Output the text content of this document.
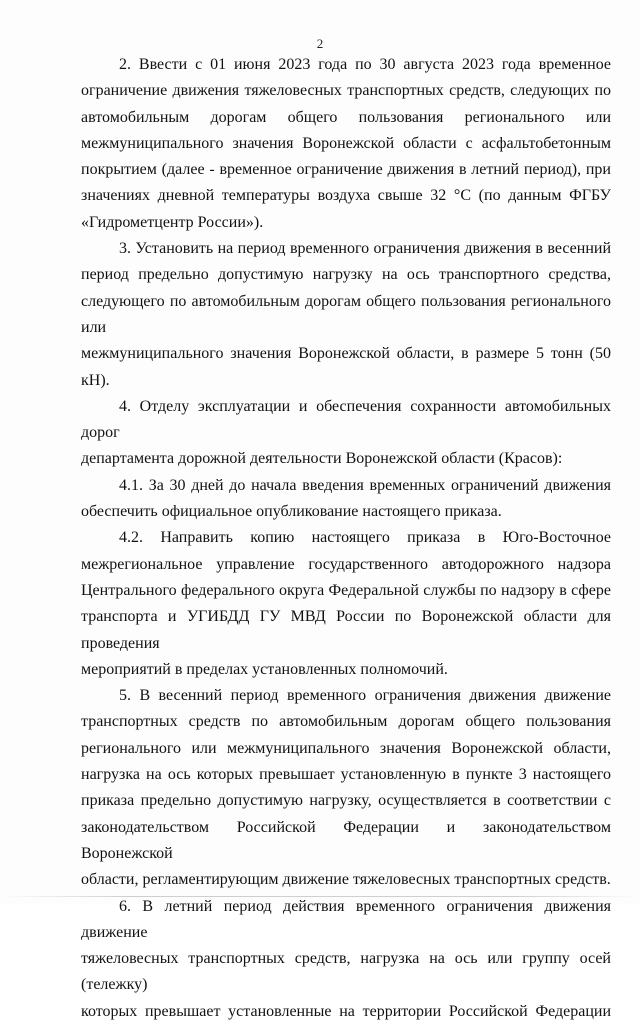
2
2. Ввести с 01 июня 2023 года по 30 августа 2023 года временное
ограничение движения тяжеловесных транспортных средств, следующих по
автомобильным дорогам общего пользования регионального или
межмуниципального значения Воронежской области с асфальтобетонным
покрытием (далее - временное ограничение движения в летний период), при
значениях дневной температуры воздуха свыше 32 °С (по данным ФГБУ
«Гидрометцентр России»).
3. Установить на период временного ограничения движения в весенний
период предельно допустимую нагрузку на ось транспортного средства,
следующего по автомобильным дорогам общего пользования регионального или
межмуниципального значения Воронежской области, в размере 5 тонн (50 кН).
4. Отделу эксплуатации и обеспечения сохранности автомобильных дорог
департамента дорожной деятельности Воронежской области (Красов):
4.1. За 30 дней до начала введения временных ограничений движения
обеспечить официальное опубликование настоящего приказа.
4.2. Направить копию настоящего приказа в Юго-Восточное
межрегиональное управление государственного автодорожного надзора
Центрального федерального округа Федеральной службы по надзору в сфере
транспорта и УГИБДД ГУ МВД России по Воронежской области для проведения
мероприятий в пределах установленных полномочий.
5. В весенний период временного ограничения движения движение
транспортных средств по автомобильным дорогам общего пользования
регионального или межмуниципального значения Воронежской области,
нагрузка на ось которых превышает установленную в пункте 3 настоящего
приказа предельно допустимую нагрузку, осуществляется в соответствии с
законодательством Российской Федерации и законодательством Воронежской
области, регламентирующим движение тяжеловесных транспортных средств.
6. В летний период действия временного ограничения движения движение
тяжеловесных транспортных средств, нагрузка на ось или группу осей (тележку)
которых превышает установленные на территории Российской Федерации
